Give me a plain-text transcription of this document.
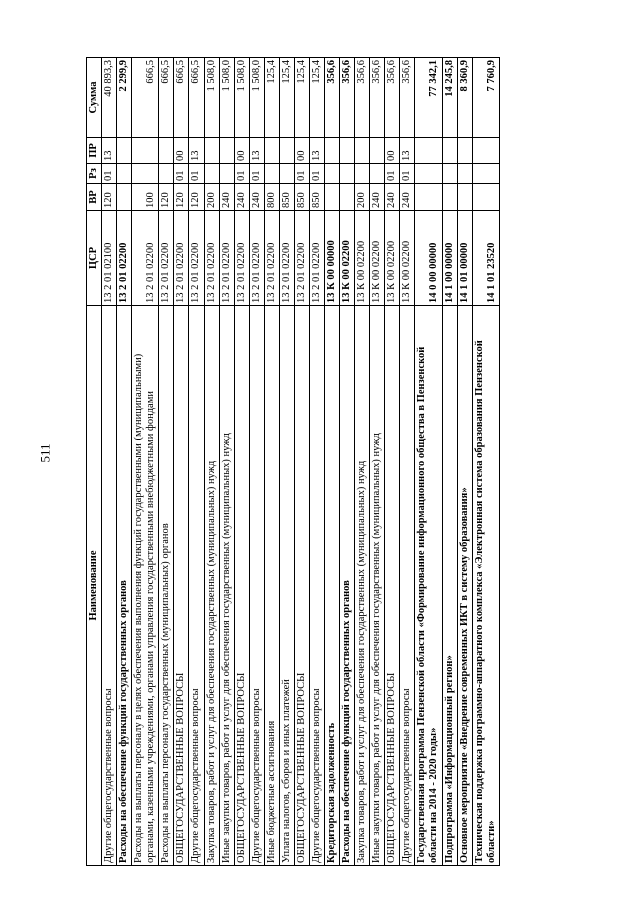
511
Наименование	ЦСР	ВР	Рз	ПР	Сумма
Другие общегосударственные вопросы	13 2 01 02100	120	01	13	40 893,3
Расходы на обеспечение функций государственных органов	13 2 01 02200				2 299,9
Расходы на выплаты персоналу в целях обеспечения выполнения функций государственными (муниципальными) органами, казенными учреждениями, органами управления государственными внебюджетными фондами	13 2 01 02200	100			666,5
Расходы на выплаты персоналу государственных (муниципальных) органов	13 2 01 02200	120			666,5
ОБЩЕГОСУДАРСТВЕННЫЕ ВОПРОСЫ	13 2 01 02200	120	01	00	666,5
Другие общегосударственные вопросы	13 2 01 02200	120	01	13	666,5
Закупка товаров, работ и услуг для обеспечения государственных (муниципальных) нужд	13 2 01 02200	200			1 508,0
Иные закупки товаров, работ и услуг для обеспечения государственных (муниципальных) нужд	13 2 01 02200	240			1 508,0
ОБЩЕГОСУДАРСТВЕННЫЕ ВОПРОСЫ	13 2 01 02200	240	01	00	1 508,0
Другие общегосударственные вопросы	13 2 01 02200	240	01	13	1 508,0
Иные бюджетные ассигнования	13 2 01 02200	800			125,4
Уплата налогов, сборов и иных платежей	13 2 01 02200	850			125,4
ОБЩЕГОСУДАРСТВЕННЫЕ ВОПРОСЫ	13 2 01 02200	850	01	00	125,4
Другие общегосударственные вопросы	13 2 01 02200	850	01	13	125,4
Кредиторская задолженность	13 К 00 00000				356,6
Расходы на обеспечение функций государственных органов	13 К 00 02200				356,6
Закупка товаров, работ и услуг для обеспечения государственных (муниципальных) нужд	13 К 00 02200	200			356,6
Иные закупки товаров, работ и услуг для обеспечения государственных (муниципальных) нужд	13 К 00 02200	240			356,6
ОБЩЕГОСУДАРСТВЕННЫЕ ВОПРОСЫ	13 К 00 02200	240	01	00	356,6
Другие общегосударственные вопросы	13 К 00 02200	240	01	13	356,6
Государственная программа Пензенской области «Формирование информационного общества в Пензенской области на 2014 - 2020 годы»	14 0 00 00000				77 342,1
Подпрограмма «Информационный регион»	14 1 00 00000				14 245,8
Основное мероприятие «Внедрение современных ИКТ в систему образования»	14 1 01 00000				8 360,9
Техническая поддержка программно-аппаратного комплекса «Электронная система образования Пензенской области»	14 1 01 23520				7 760,9
